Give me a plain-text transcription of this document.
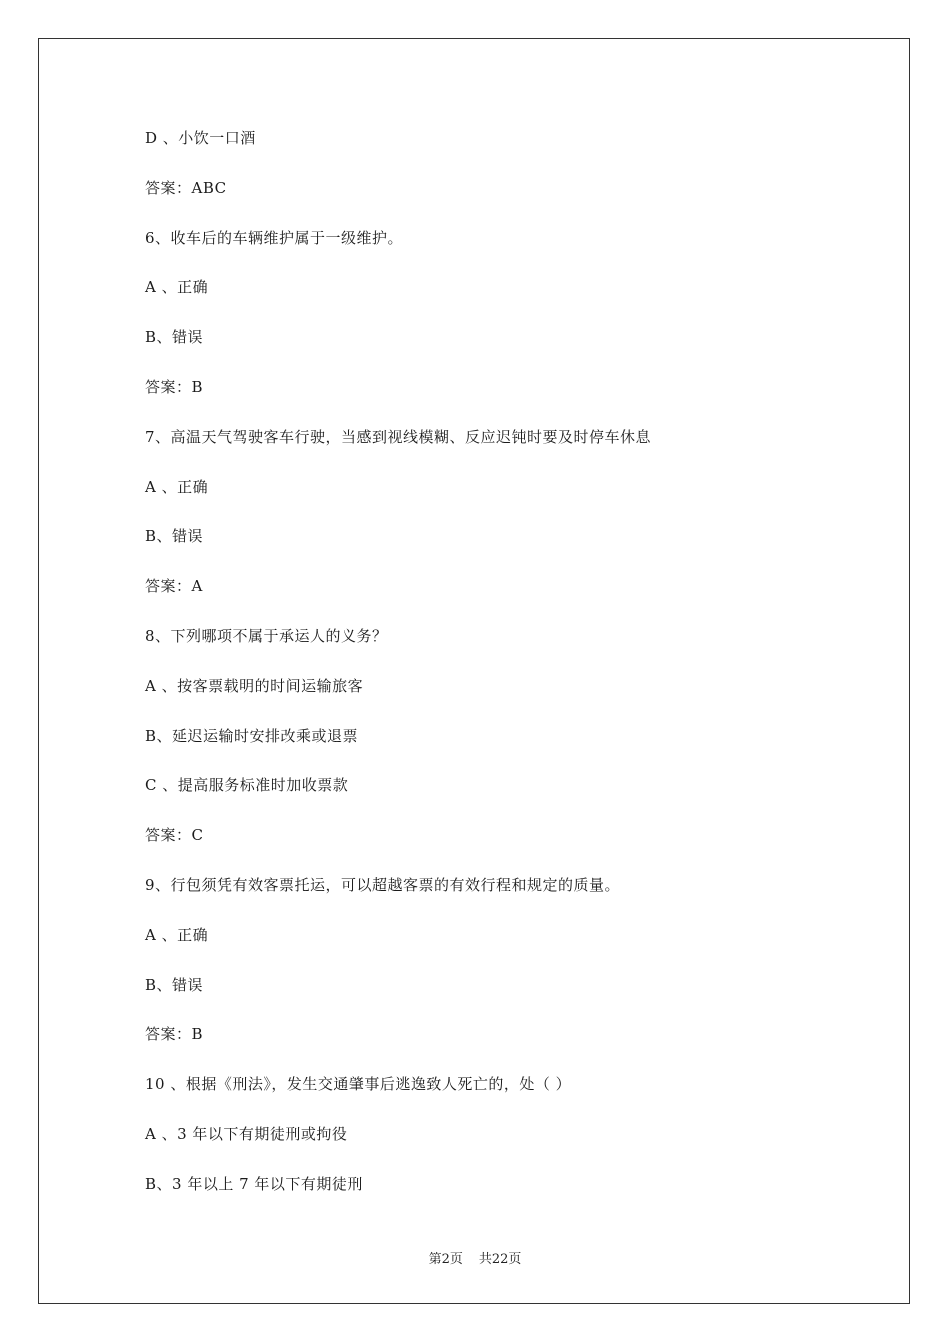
D 、小饮一口酒
答案：ABC
6、收车后的车辆维护属于一级维护。
A 、正确
B、错误
答案：B
7、高温天气驾驶客车行驶，当感到视线模糊、反应迟钝时要及时停车休息
A 、正确
B、错误
答案：A
8、下列哪项不属于承运人的义务？
A 、按客票载明的时间运输旅客
B、延迟运输时安排改乘或退票
C 、提高服务标准时加收票款
答案：C
9、行包须凭有效客票托运，可以超越客票的有效行程和规定的质量。
A 、正确
B、错误
答案：B
10 、根据《刑法》，发生交通肇事后逃逸致人死亡的，处（ ）
A 、3 年以下有期徒刑或拘役
B、3 年以上 7 年以下有期徒刑
第2页 共22页
